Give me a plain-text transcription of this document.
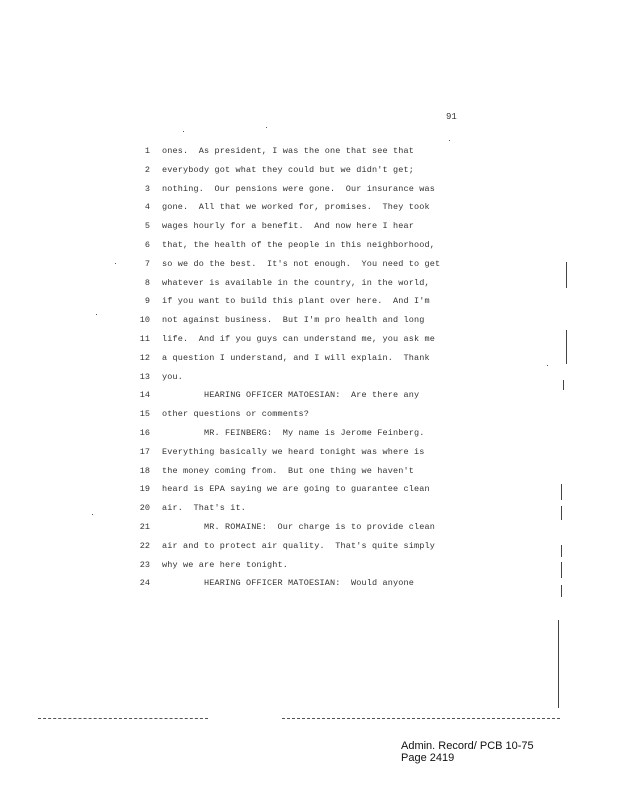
91
1 ones.  As president, I was the one that see that
2 everybody got what they could but we didn't get;
3 nothing.  Our pensions were gone.  Our insurance was
4 gone.  All that we worked for, promises.  They took
5 wages hourly for a benefit.  And now here I hear
6 that, the health of the people in this neighborhood,
7 so we do the best.  It's not enough.  You need to get
8 whatever is available in the country, in the world,
9 if you want to build this plant over here.  And I'm
10 not against business.  But I'm pro health and long
11 life.  And if you guys can understand me, you ask me
12 a question I understand, and I will explain.  Thank
13 you.
14	HEARING OFFICER MATOESIAN:  Are there any
15 other questions or comments?
16	MR. FEINBERG:  My name is Jerome Feinberg.
17 Everything basically we heard tonight was where is
18 the money coming from.  But one thing we haven't
19 heard is EPA saying we are going to guarantee clean
20 air.  That's it.
21	MR. ROMAINE:  Our charge is to provide clean
22 air and to protect air quality.  That's quite simply
23 why we are here tonight.
24	HEARING OFFICER MATOESIAN:  Would anyone
Admin. Record/ PCB 10-75
Page 2419
